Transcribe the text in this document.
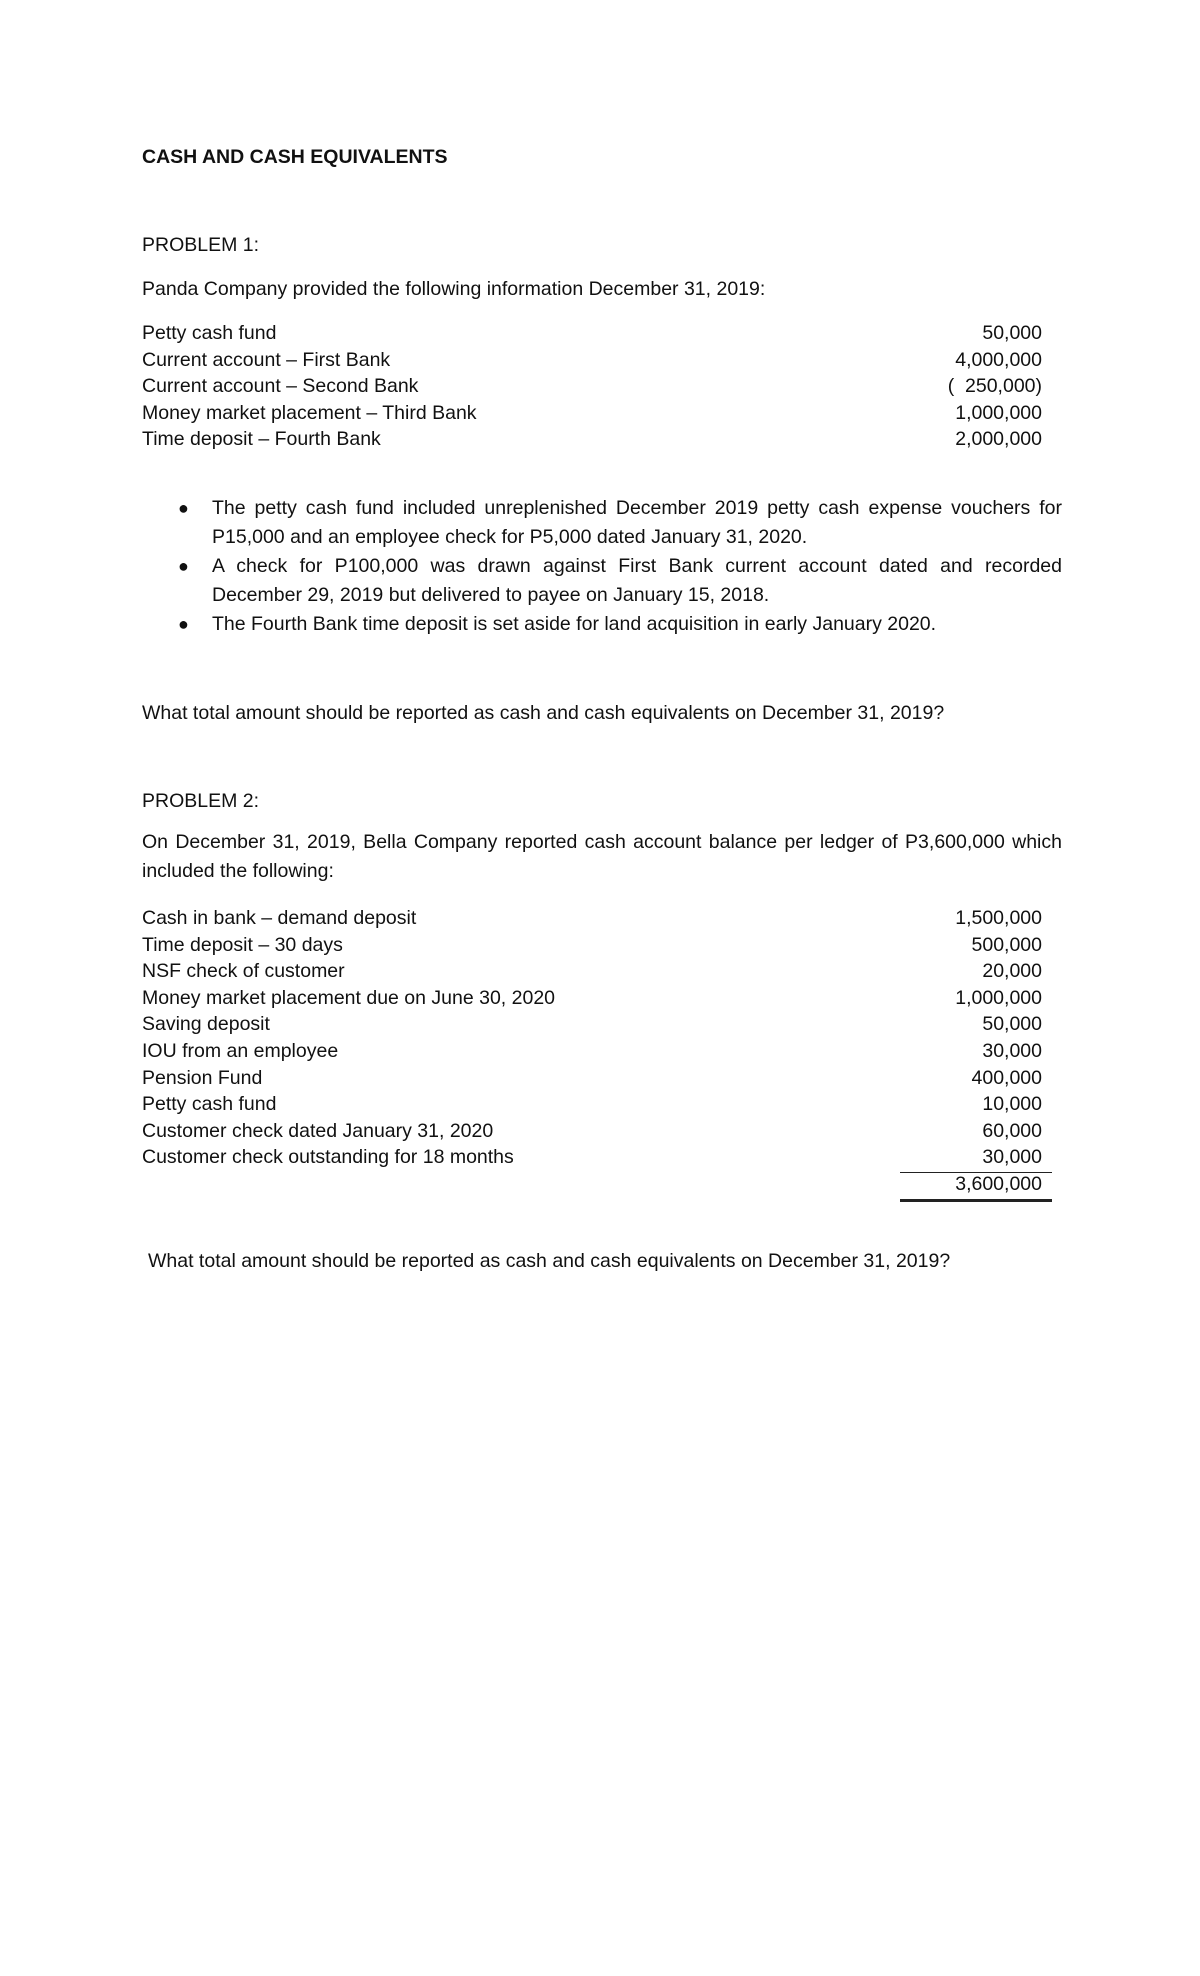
CASH AND CASH EQUIVALENTS
PROBLEM 1:
Panda Company provided the following information December 31, 2019:
Petty cash fund	50,000
Current account – First Bank	4,000,000
Current account – Second Bank	(  250,000)
Money market placement – Third Bank	1,000,000
Time deposit – Fourth Bank	2,000,000
● The petty cash fund included unreplenished December 2019 petty cash expense vouchers for P15,000 and an employee check for P5,000 dated January 31, 2020.
● A check for P100,000 was drawn against First Bank current account dated and recorded December 29, 2019 but delivered to payee on January 15, 2018.
● The Fourth Bank time deposit is set aside for land acquisition in early January 2020.
What total amount should be reported as cash and cash equivalents on December 31, 2019?
PROBLEM 2:
On December 31, 2019, Bella Company reported cash account balance per ledger of P3,600,000 which included the following:
Cash in bank – demand deposit	1,500,000
Time deposit – 30 days	500,000
NSF check of customer	20,000
Money market placement due on June 30, 2020	1,000,000
Saving deposit	50,000
IOU from an employee	30,000
Pension Fund	400,000
Petty cash fund	10,000
Customer check dated January 31, 2020	60,000
Customer check outstanding for 18 months	30,000
3,600,000
What total amount should be reported as cash and cash equivalents on December 31, 2019?
